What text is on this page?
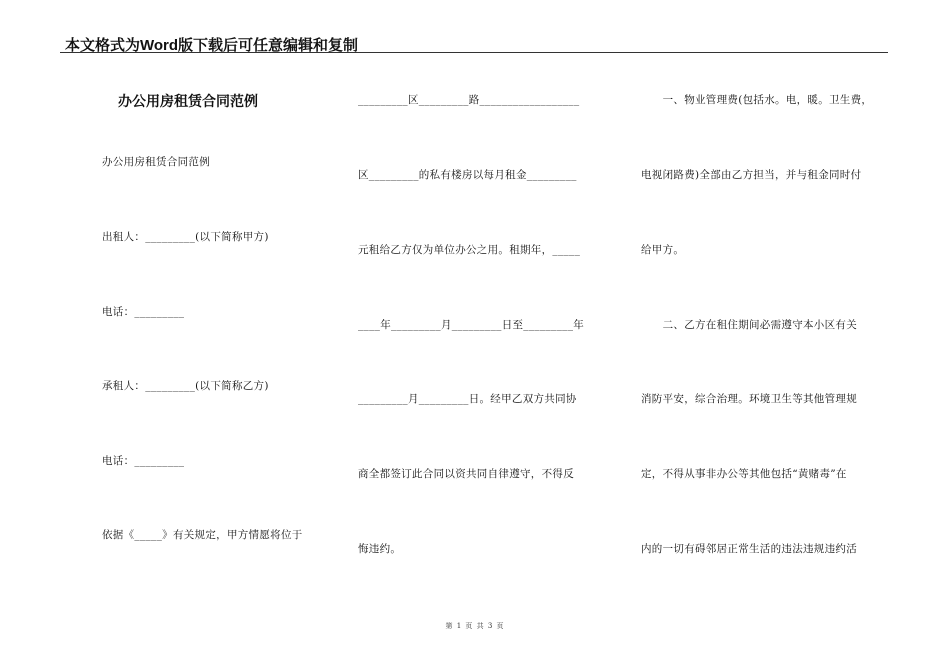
本文格式为Word版下载后可任意编辑和复制
办公用房租赁合同范例
办公用房租赁合同范例
出租人：_________(以下简称甲方)
电话：_________
承租人：_________(以下简称乙方)
电话：_________
依据《_____》有关规定，甲方情愿将位于
_________区_________路__________________
区_________的私有楼房以每月租金_________
元租给乙方仅为单位办公之用。租期年，_____
____年_________月_________日至_________年
_________月_________日。经甲乙双方共同协
商全都签订此合同以资共同自律遵守，不得反
悔违约。
　　一、物业管理费(包括水。电，暖。卫生费，
电视闭路费)全部由乙方担当，并与租金同时付
给甲方。
　　二、乙方在租住期间必需遵守本小区有关
消防平安，综合治理。环境卫生等其他管理规
定，不得从事非办公等其他包括“黄赌毒”在
内的一切有碍邻居正常生活的违法违规违约活
第 1 页 共 3 页
